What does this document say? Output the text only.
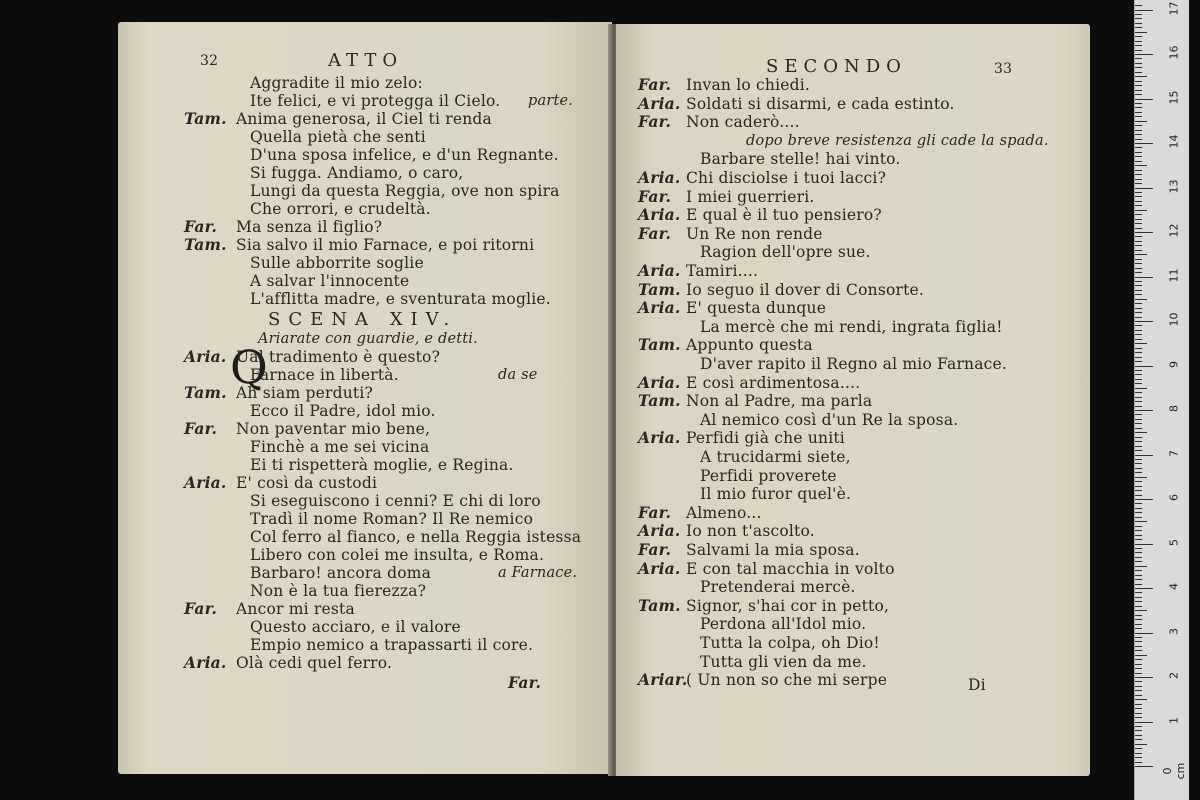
32	ATTO
Aggradite il mio zelo:
Ite felici, e vi protegga il Cielo. parte.
Tam. Anima generosa, il Ciel ti renda
Quella pietà che senti
D'una sposa infelice, e d'un Regnante.
Si fugga. Andiamo, o caro,
Lungi da questa Reggia, ove non spira
Che orrori, e crudeltà.
Far. Ma senza il figlio?
Tam. Sia salvo il mio Farnace, e poi ritorni
Sulle abborrite soglie
A salvar l'innocente
L'afflitta madre, e sventurata moglie.
SCENA XIV.
Ariarate con guardie, e detti.
Q
Aria. Ual tradimento è questo?
Farnace in libertà.	da se
Tam. Ah siam perduti?
Ecco il Padre, idol mio.
Far. Non paventar mio bene,
Finchè a me sei vicina
Ei ti rispetterà moglie, e Regina.
Aria. E' così da custodi
Si eseguiscono i cenni? E chi di loro
Tradì il nome Roman? Il Re nemico
Col ferro al fianco, e nella Reggia istessa
Libero con colei me insulta, e Roma.
Barbaro! ancora doma	a Farnace.
Non è la tua fierezza?
Far. Ancor mi resta
Questo acciaro, e il valore
Empio nemico a trapassarti il core.
Aria. Olà cedi quel ferro.
Far.
SECONDO	33
Far. Invan lo chiedi.
Aria. Soldati si disarmi, e cada estinto.
Far. Non caderò....
dopo breve resistenza gli cade la spada.
Barbare stelle! hai vinto.
Aria. Chi disciolse i tuoi lacci?
Far. I miei guerrieri.
Aria. E qual è il tuo pensiero?
Far. Un Re non rende
Ragion dell'opre sue.
Aria. Tamiri....
Tam. Io seguo il dover di Consorte.
Aria. E' questa dunque
La mercè che mi rendi, ingrata figlia!
Tam. Appunto questa
D'aver rapito il Regno al mio Farnace.
Aria. E così ardimentosa....
Tam. Non al Padre, ma parla
Al nemico così d'un Re la sposa.
Aria. Perfidi già che uniti
A trucidarmi siete,
Perfidi proverete
Il mio furor quel'è.
Far. Almeno...
Aria. Io non t'ascolto.
Far. Salvami la mia sposa.
Aria. E con tal macchia in volto
Pretenderai mercè.
Tam. Signor, s'hai cor in petto,
Perdona all'Idol mio.
Tutta la colpa, oh Dio!
Tutta gli vien da me.
Ariar.
( Un non so che mi serpe	Di
0 cm
1
2
3
4
5
6
7
8
9
10
11
12
13
14
15
16
17
